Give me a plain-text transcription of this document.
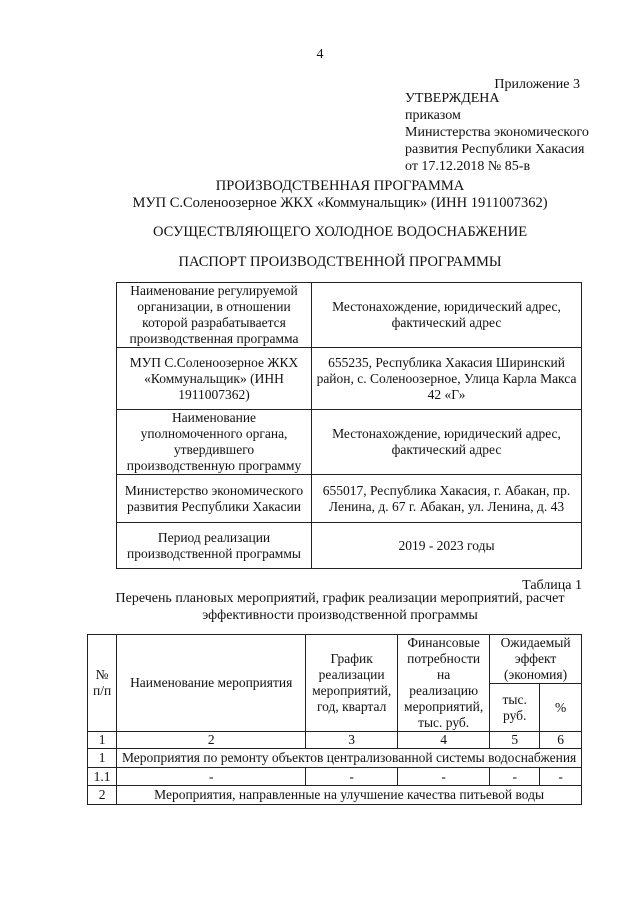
4
Приложение 3
УТВЕРЖДЕНА
приказом
Министерства экономического
развития Республики Хакасия
от 17.12.2018 № 85-в
ПРОИЗВОДСТВЕННАЯ ПРОГРАММА
МУП С.Соленоозерное ЖКХ «Коммунальщик» (ИНН 1911007362)
ОСУЩЕСТВЛЯЮЩЕГО ХОЛОДНОЕ ВОДОСНАБЖЕНИЕ
ПАСПОРТ ПРОИЗВОДСТВЕННОЙ ПРОГРАММЫ
Наименование регулируемой организации, в отношении которой разрабатывается производственная программа	Местонахождение, юридический адрес, фактический адрес
МУП С.Соленоозерное ЖКХ «Коммунальщик» (ИНН 1911007362)	655235, Республика Хакасия Ширинский район, с. Соленоозерное, Улица Карла Макса 42 «Г»
Наименование уполномоченного органа, утвердившего производственную программу	Местонахождение, юридический адрес, фактический адрес
Министерство экономического развития Республики Хакасии	655017, Республика Хакасия, г. Абакан, пр. Ленина, д. 67 г. Абакан, ул. Ленина, д. 43
Период реализации производственной программы	2019 - 2023 годы
Таблица 1
Перечень плановых мероприятий, график реализации мероприятий, расчет эффективности производственной программы
№ п/п	Наименование мероприятия	График реализации мероприятий, год, квартал	Финансовые потребности на реализацию мероприятий, тыс. руб.	Ожидаемый эффект (экономия)	
				тыс. руб.	%
1	2	3	4	5	6
1	Мероприятия по ремонту объектов централизованной системы водоснабжения				
1.1	-	-	-	-	-
2	Мероприятия, направленные на улучшение качества питьевой воды				
